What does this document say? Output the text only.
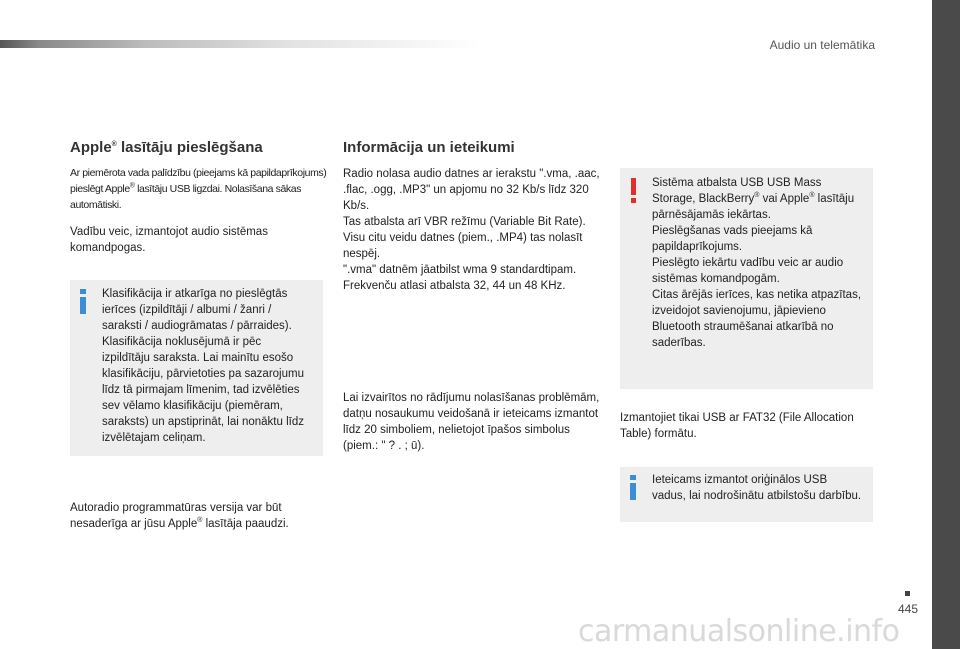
Audio un telemātika
Apple® lasītāju pieslēgšana

Ar piemērota vada palīdzību (pieejams kā papildaprīkojums) pieslēgt Apple® lasītāju USB ligzdai. Nolasīšana sākas automātiski.

Vadību veic, izmantojot audio sistēmas komandpogas.

Klasifikācija ir atkarīga no pieslēgtās ierīces (izpildītāji / albumi / žanri / saraksti / audiogrāmatas / pārraides). Klasifikācija noklusējumā ir pēc izpildītāju saraksta. Lai mainītu esošo klasifikāciju, pārvietoties pa sazarojumu līdz tā pirmajam līmenim, tad izvēlēties sev vēlamo klasifikāciju (piemēram, saraksts) un apstiprināt, lai nonāktu līdz izvēlētajam celiņam.

Autoradio programmatūras versija var būt nesaderīga ar jūsu Apple® lasītāja paaudzi.

Informācija un ieteikumi
Radio nolasa audio datnes ar ierakstu ".vma, .aac, .flac, .ogg, .MP3" un apjomu no 32 Kb/s līdz 320 Kb/s.
Tas atbalsta arī VBR režīmu (Variable Bit Rate).
Visu citu veidu datnes (piem., .MP4) tas nolasīt nespēj.
".vma" datnēm jāatbilst wma 9 standardtipam.
Frekvenču atlasi atbalsta 32, 44 un 48 KHz.

Lai izvairītos no rādījumu nolasīšanas problēmām, datņu nosaukumu veidošanā ir ieteicams izmantot līdz 20 simboliem, nelietojot īpašos simbolus (piem.: " ? . ; ū).

Sistēma atbalsta USB USB Mass Storage, BlackBerry® vai Apple® lasītāju pārnēsājamās iekārtas.
Pieslēgšanas vads pieejams kā papildaprīkojums.
Pieslēgto iekārtu vadību veic ar audio sistēmas komandpogām.
Citas ārējās ierīces, kas netika atpazītas, izveidojot savienojumu, jāpievieno Bluetooth straumēšanai atkarībā no saderības.

Izmantojiet tikai USB ar FAT32 (File Allocation Table) formātu.

Ieteicams izmantot oriģinālos USB vadus, lai nodrošinātu atbilstošu darbību.
445
carmanualsonline.info
